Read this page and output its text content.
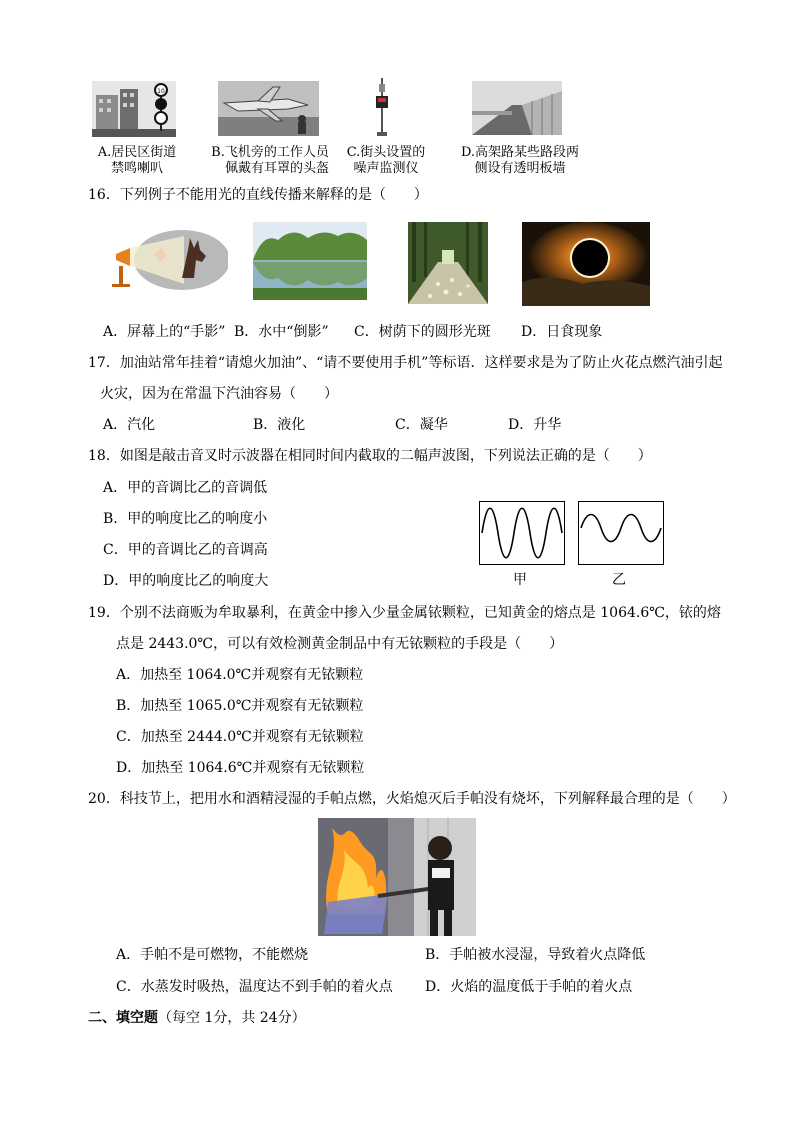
10
A.居民区街道
禁鸣喇叭
B.飞机旁的工作人员
佩戴有耳罩的头盔
C.街头设置的
噪声监测仪
D.高架路某些路段两
侧设有透明板墙
16．下列例子不能用光的直线传播来解释的是（　　）
A．屏幕上的“手影” B．水中“倒影” C．树荫下的圆形光斑 D．日食现象
17．加油站常年挂着“请熄火加油”、“请不要使用手机”等标语．这样要求是为了防止火花点燃汽油引起
火灾，因为在常温下汽油容易（　　）
A．汽化	B．液化	C．凝华	D．升华
18．如图是敲击音叉时示波器在相同时间内截取的二幅声波图，下列说法正确的是（　　）
A．甲的音调比乙的音调低
B．甲的响度比乙的响度小
C．甲的音调比乙的音调高
D．甲的响度比乙的响度大	甲	乙
19．个别不法商贩为牟取暴利，在黄金中掺入少量金属铱颗粒，已知黄金的熔点是 1064.6℃，铱的熔
点是 2443.0℃，可以有效检测黄金制品中有无铱颗粒的手段是（　　）
A．加热至 1064.0℃并观察有无铱颗粒
B．加热至 1065.0℃并观察有无铱颗粒
C．加热至 2444.0℃并观察有无铱颗粒
D．加热至 1064.6℃并观察有无铱颗粒
20．科技节上，把用水和酒精浸湿的手帕点燃，火焰熄灭后手帕没有烧坏，下列解释最合理的是（　　）
A．手帕不是可燃物，不能燃烧	B．手帕被水浸湿，导致着火点降低
C．水蒸发时吸热，温度达不到手帕的着火点 D．火焰的温度低于手帕的着火点
二、填空题（每空 1分，共 24分）
